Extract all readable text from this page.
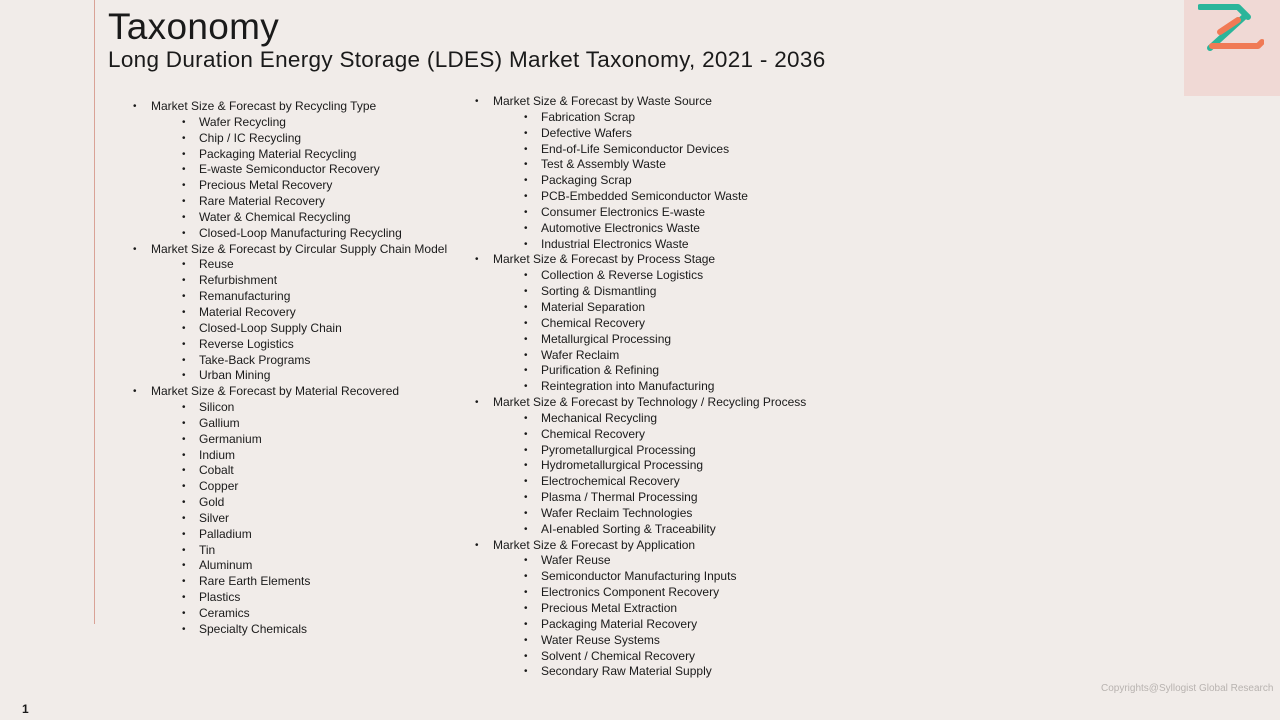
Taxonomy
Long Duration Energy Storage (LDES) Market Taxonomy, 2021 - 2036
• Market Size & Forecast by Recycling Type
• Wafer Recycling
• Chip / IC Recycling
• Packaging Material Recycling
• E-waste Semiconductor Recovery
• Precious Metal Recovery
• Rare Material Recovery
• Water & Chemical Recycling
• Closed-Loop Manufacturing Recycling
• Market Size & Forecast by Circular Supply Chain Model
• Reuse
• Refurbishment
• Remanufacturing
• Material Recovery
• Closed-Loop Supply Chain
• Reverse Logistics
• Take-Back Programs
• Urban Mining
• Market Size & Forecast by Material Recovered
• Silicon
• Gallium
• Germanium
• Indium
• Cobalt
• Copper
• Gold
• Silver
• Palladium
• Tin
• Aluminum
• Rare Earth Elements
• Plastics
• Ceramics
• Specialty Chemicals
• Market Size & Forecast by Waste Source
• Fabrication Scrap
• Defective Wafers
• End-of-Life Semiconductor Devices
• Test & Assembly Waste
• Packaging Scrap
• PCB-Embedded Semiconductor Waste
• Consumer Electronics E-waste
• Automotive Electronics Waste
• Industrial Electronics Waste
• Market Size & Forecast by Process Stage
• Collection & Reverse Logistics
• Sorting & Dismantling
• Material Separation
• Chemical Recovery
• Metallurgical Processing
• Wafer Reclaim
• Purification & Refining
• Reintegration into Manufacturing
• Market Size & Forecast by Technology / Recycling Process
• Mechanical Recycling
• Chemical Recovery
• Pyrometallurgical Processing
• Hydrometallurgical Processing
• Electrochemical Recovery
• Plasma / Thermal Processing
• Wafer Reclaim Technologies
• AI-enabled Sorting & Traceability
• Market Size & Forecast by Application
• Wafer Reuse
• Semiconductor Manufacturing Inputs
• Electronics Component Recovery
• Precious Metal Extraction
• Packaging Material Recovery
• Water Reuse Systems
• Solvent / Chemical Recovery
• Secondary Raw Material Supply
Copyrights@Syllogist Global Research
1
